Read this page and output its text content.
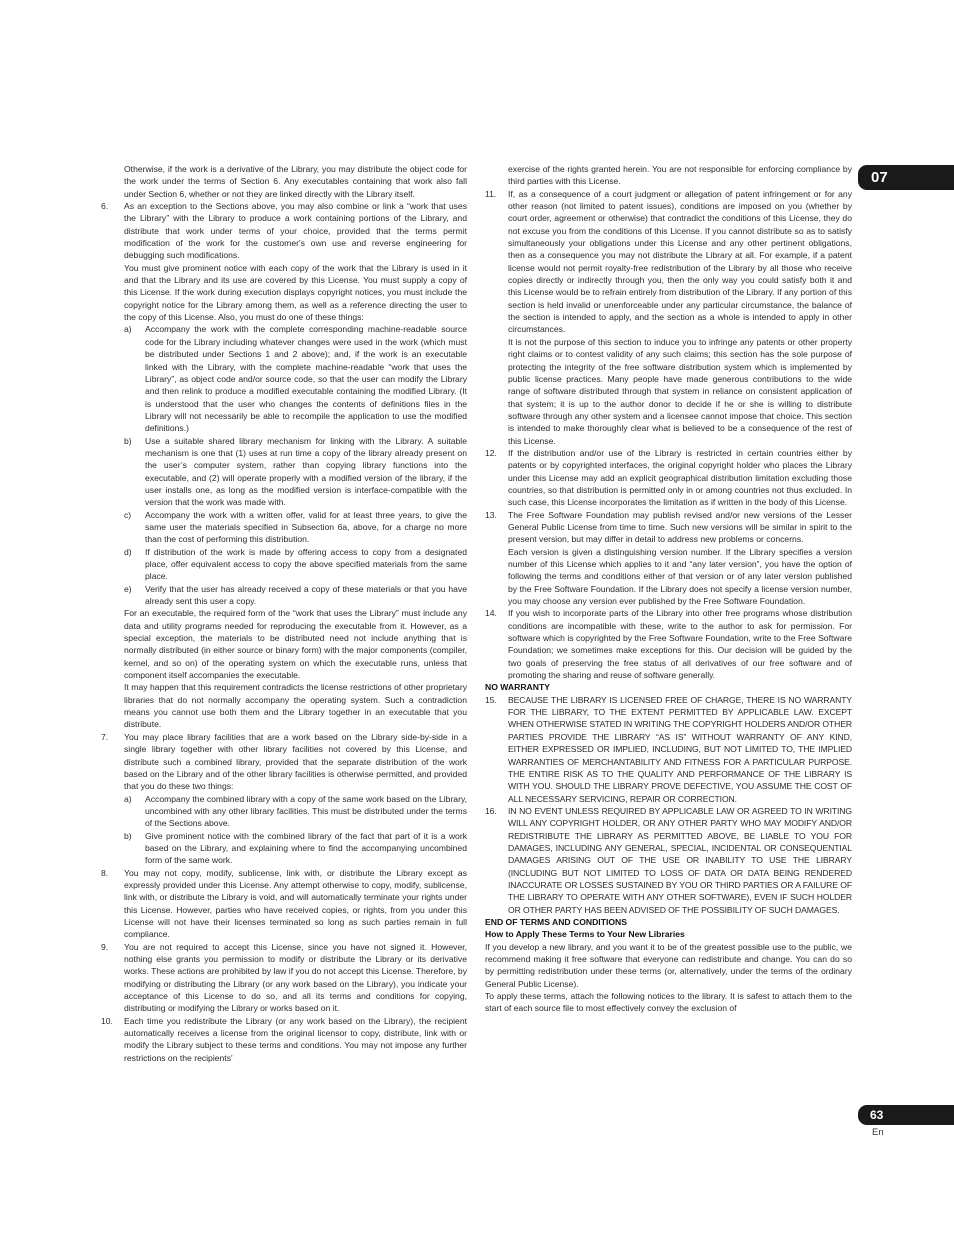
Otherwise, if the work is a derivative of the Library, you may distribute the object code for the work under the terms of Section 6. Any executables containing that work also fall under Section 6, whether or not they are linked directly with the Library itself.

6. As an exception to the Sections above, you may also combine or link a “work that uses the Library” with the Library to produce a work containing portions of the Library, and distribute that work under terms of your choice, provided that the terms permit modification of the work for the customer's own use and reverse engineering for debugging such modifications.

You must give prominent notice with each copy of the work that the Library is used in it and that the Library and its use are covered by this License. You must supply a copy of this License. If the work during execution displays copyright notices, you must include the copyright notice for the Library among them, as well as a reference directing the user to the copy of this License. Also, you must do one of these things:

a) Accompany the work with the complete corresponding machine-readable source code for the Library including whatever changes were used in the work (which must be distributed under Sections 1 and 2 above); and, if the work is an executable linked with the Library, with the complete machine-readable “work that uses the Library”, as object code and/or source code, so that the user can modify the Library and then relink to produce a modified executable containing the modified Library. (It is understood that the user who changes the contents of definitions files in the Library will not necessarily be able to recompile the application to use the modified definitions.)

b) Use a suitable shared library mechanism for linking with the Library. A suitable mechanism is one that (1) uses at run time a copy of the library already present on the user’s computer system, rather than copying library functions into the executable, and (2) will operate properly with a modified version of the library, if the user installs one, as long as the modified version is interface-compatible with the version that the work was made with.

c) Accompany the work with a written offer, valid for at least three years, to give the same user the materials specified in Subsection 6a, above, for a charge no more than the cost of performing this distribution.

d) If distribution of the work is made by offering access to copy from a designated place, offer equivalent access to copy the above specified materials from the same place.

e) Verify that the user has already received a copy of these materials or that you have already sent this user a copy.

For an executable, the required form of the “work that uses the Library” must include any data and utility programs needed for reproducing the executable from it. However, as a special exception, the materials to be distributed need not include anything that is normally distributed (in either source or binary form) with the major components (compiler, kernel, and so on) of the operating system on which the executable runs, unless that component itself accompanies the executable.

It may happen that this requirement contradicts the license restrictions of other proprietary libraries that do not normally accompany the operating system. Such a contradiction means you cannot use both them and the Library together in an executable that you distribute.

7. You may place library facilities that are a work based on the Library side-by-side in a single library together with other library facilities not covered by this License, and distribute such a combined library, provided that the separate distribution of the work based on the Library and of the other library facilities is otherwise permitted, and provided that you do these two things:

a) Accompany the combined library with a copy of the same work based on the Library, uncombined with any other library facilities. This must be distributed under the terms of the Sections above.

b) Give prominent notice with the combined library of the fact that part of it is a work based on the Library, and explaining where to find the accompanying uncombined form of the same work.

8. You may not copy, modify, sublicense, link with, or distribute the Library except as expressly provided under this License. Any attempt otherwise to copy, modify, sublicense, link with, or distribute the Library is void, and will automatically terminate your rights under this License. However, parties who have received copies, or rights, from you under this License will not have their licenses terminated so long as such parties remain in full compliance.

9. You are not required to accept this License, since you have not signed it. However, nothing else grants you permission to modify or distribute the Library or its derivative works. These actions are prohibited by law if you do not accept this License. Therefore, by modifying or distributing the Library (or any work based on the Library), you indicate your acceptance of this License to do so, and all its terms and conditions for copying, distributing or modifying the Library or works based on it.

10. Each time you redistribute the Library (or any work based on the Library), the recipient automatically receives a license from the original licensor to copy, distribute, link with or modify the Library subject to these terms and conditions. You may not impose any further restrictions on the recipients'

exercise of the rights granted herein. You are not responsible for enforcing compliance by third parties with this License.

11. If, as a consequence of a court judgment or allegation of patent infringement or for any other reason (not limited to patent issues), conditions are imposed on you (whether by court order, agreement or otherwise) that contradict the conditions of this License, they do not excuse you from the conditions of this License. If you cannot distribute so as to satisfy simultaneously your obligations under this License and any other pertinent obligations, then as a consequence you may not distribute the Library at all. For example, if a patent license would not permit royalty-free redistribution of the Library by all those who receive copies directly or indirectly through you, then the only way you could satisfy both it and this License would be to refrain entirely from distribution of the Library. If any portion of this section is held invalid or unenforceable under any particular circumstance, the balance of the section is intended to apply, and the section as a whole is intended to apply in other circumstances.

It is not the purpose of this section to induce you to infringe any patents or other property right claims or to contest validity of any such claims; this section has the sole purpose of protecting the integrity of the free software distribution system which is implemented by public license practices. Many people have made generous contributions to the wide range of software distributed through that system in reliance on consistent application of that system; it is up to the author donor to decide if he or she is willing to distribute software through any other system and a licensee cannot impose that choice. This section is intended to make thoroughly clear what is believed to be a consequence of the rest of this License.

12. If the distribution and/or use of the Library is restricted in certain countries either by patents or by copyrighted interfaces, the original copyright holder who places the Library under this License may add an explicit geographical distribution limitation excluding those countries, so that distribution is permitted only in or among countries not thus excluded. In such case, this License incorporates the limitation as if written in the body of this License.

13. The Free Software Foundation may publish revised and/or new versions of the Lesser General Public License from time to time. Such new versions will be similar in spirit to the present version, but may differ in detail to address new problems or concerns.

Each version is given a distinguishing version number. If the Library specifies a version number of this License which applies to it and “any later version”, you have the option of following the terms and conditions either of that version or of any later version published by the Free Software Foundation. If the Library does not specify a license version number, you may choose any version ever published by the Free Software Foundation.

14. If you wish to incorporate parts of the Library into other free programs whose distribution conditions are incompatible with these, write to the author to ask for permission. For software which is copyrighted by the Free Software Foundation, write to the Free Software Foundation; we sometimes make exceptions for this. Our decision will be guided by the two goals of preserving the free status of all derivatives of our free software and of promoting the sharing and reuse of software generally.

NO WARRANTY

15. BECAUSE THE LIBRARY IS LICENSED FREE OF CHARGE, THERE IS NO WARRANTY FOR THE LIBRARY, TO THE EXTENT PERMITTED BY APPLICABLE LAW. EXCEPT WHEN OTHERWISE STATED IN WRITING THE COPYRIGHT HOLDERS AND/OR OTHER PARTIES PROVIDE THE LIBRARY “AS IS” WITHOUT WARRANTY OF ANY KIND, EITHER EXPRESSED OR IMPLIED, INCLUDING, BUT NOT LIMITED TO, THE IMPLIED WARRANTIES OF MERCHANTABILITY AND FITNESS FOR A PARTICULAR PURPOSE. THE ENTIRE RISK AS TO THE QUALITY AND PERFORMANCE OF THE LIBRARY IS WITH YOU. SHOULD THE LIBRARY PROVE DEFECTIVE, YOU ASSUME THE COST OF ALL NECESSARY SERVICING, REPAIR OR CORRECTION.

16. IN NO EVENT UNLESS REQUIRED BY APPLICABLE LAW OR AGREED TO IN WRITING WILL ANY COPYRIGHT HOLDER, OR ANY OTHER PARTY WHO MAY MODIFY AND/OR REDISTRIBUTE THE LIBRARY AS PERMITTED ABOVE, BE LIABLE TO YOU FOR DAMAGES, INCLUDING ANY GENERAL, SPECIAL, INCIDENTAL OR CONSEQUENTIAL DAMAGES ARISING OUT OF THE USE OR INABILITY TO USE THE LIBRARY (INCLUDING BUT NOT LIMITED TO LOSS OF DATA OR DATA BEING RENDERED INACCURATE OR LOSSES SUSTAINED BY YOU OR THIRD PARTIES OR A FAILURE OF THE LIBRARY TO OPERATE WITH ANY OTHER SOFTWARE), EVEN IF SUCH HOLDER OR OTHER PARTY HAS BEEN ADVISED OF THE POSSIBILITY OF SUCH DAMAGES.

END OF TERMS AND CONDITIONS

How to Apply These Terms to Your New Libraries

If you develop a new library, and you want it to be of the greatest possible use to the public, we recommend making it free software that everyone can redistribute and change. You can do so by permitting redistribution under these terms (or, alternatively, under the terms of the ordinary General Public License).

To apply these terms, attach the following notices to the library. It is safest to attach them to the start of each source file to most effectively convey the exclusion of

07
63
En
